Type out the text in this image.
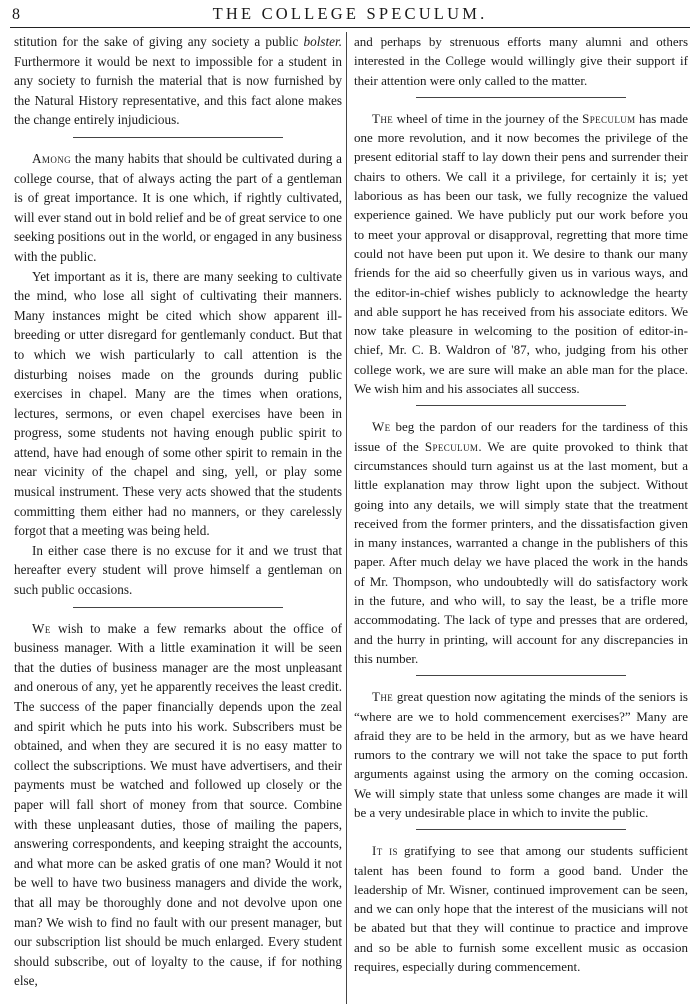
8	THE COLLEGE SPECULUM.

stitution for the sake of giving any society a public bolster. Furthermore it would be next to impossible for a student in any society to furnish the material that is now furnished by the Natural History representative, and this fact alone makes the change entirely injudicious.

Among the many habits that should be cultivated during a college course, that of always acting the part of a gentleman is of great importance. It is one which, if rightly cultivated, will ever stand out in bold relief and be of great service to one seeking positions out in the world, or engaged in any business with the public.

Yet important as it is, there are many seeking to cultivate the mind, who lose all sight of cultivating their manners. Many instances might be cited which show apparent ill-breeding or utter disregard for gentlemanly conduct. But that to which we wish particularly to call attention is the disturbing noises made on the grounds during public exercises in chapel. Many are the times when orations, lectures, sermons, or even chapel exercises have been in progress, some students not having enough public spirit to attend, have had enough of some other spirit to remain in the near vicinity of the chapel and sing, yell, or play some musical instrument. These very acts showed that the students committing them either had no manners, or they carelessly forgot that a meeting was being held.

In either case there is no excuse for it and we trust that hereafter every student will prove himself a gentleman on such public occasions.

We wish to make a few remarks about the office of business manager. With a little examination it will be seen that the duties of business manager are the most unpleasant and onerous of any, yet he apparently receives the least credit. The success of the paper financially depends upon the zeal and spirit which he puts into his work. Subscribers must be obtained, and when they are secured it is no easy matter to collect the subscriptions. We must have advertisers, and their payments must be watched and followed up closely or the paper will fall short of money from that source. Combine with these unpleasant duties, those of mailing the papers, answering correspondents, and keeping straight the accounts, and what more can be asked gratis of one man? Would it not be well to have two business managers and divide the work, that all may be thoroughly done and not devolve upon one man? We wish to find no fault with our present manager, but our subscription list should be much enlarged. Every student should subscribe, out of loyalty to the cause, if for nothing else,

and perhaps by strenuous efforts many alumni and others interested in the College would willingly give their support if their attention were only called to the matter.

The wheel of time in the journey of the Speculum has made one more revolution, and it now becomes the privilege of the present editorial staff to lay down their pens and surrender their chairs to others. We call it a privilege, for certainly it is; yet laborious as has been our task, we fully recognize the valued experience gained. We have publicly put our work before you to meet your approval or disapproval, regretting that more time could not have been put upon it. We desire to thank our many friends for the aid so cheerfully given us in various ways, and the editor-in-chief wishes publicly to acknowledge the hearty and able support he has received from his associate editors. We now take pleasure in welcoming to the position of editor-in-chief, Mr. C. B. Waldron of '87, who, judging from his other college work, we are sure will make an able man for the place. We wish him and his associates all success.

We beg the pardon of our readers for the tardiness of this issue of the Speculum. We are quite provoked to think that circumstances should turn against us at the last moment, but a little explanation may throw light upon the subject. Without going into any details, we will simply state that the treatment received from the former printers, and the dissatisfaction given in many instances, warranted a change in the publishers of this paper. After much delay we have placed the work in the hands of Mr. Thompson, who undoubtedly will do satisfactory work in the future, and who will, to say the least, be a trifle more accommodating. The lack of type and presses that are ordered, and the hurry in printing, will account for any discrepancies in this number.

The great question now agitating the minds of the seniors is “where are we to hold commencement exercises?” Many are afraid they are to be held in the armory, but as we have heard rumors to the contrary we will not take the space to put forth arguments against using the armory on the coming occasion. We will simply state that unless some changes are made it will be a very undesirable place in which to invite the public.

It is gratifying to see that among our students sufficient talent has been found to form a good band. Under the leadership of Mr. Wisner, continued improvement can be seen, and we can only hope that the interest of the musicians will not be abated but that they will continue to practice and improve and so be able to furnish some excellent music as occasion requires, especially during commencement.
